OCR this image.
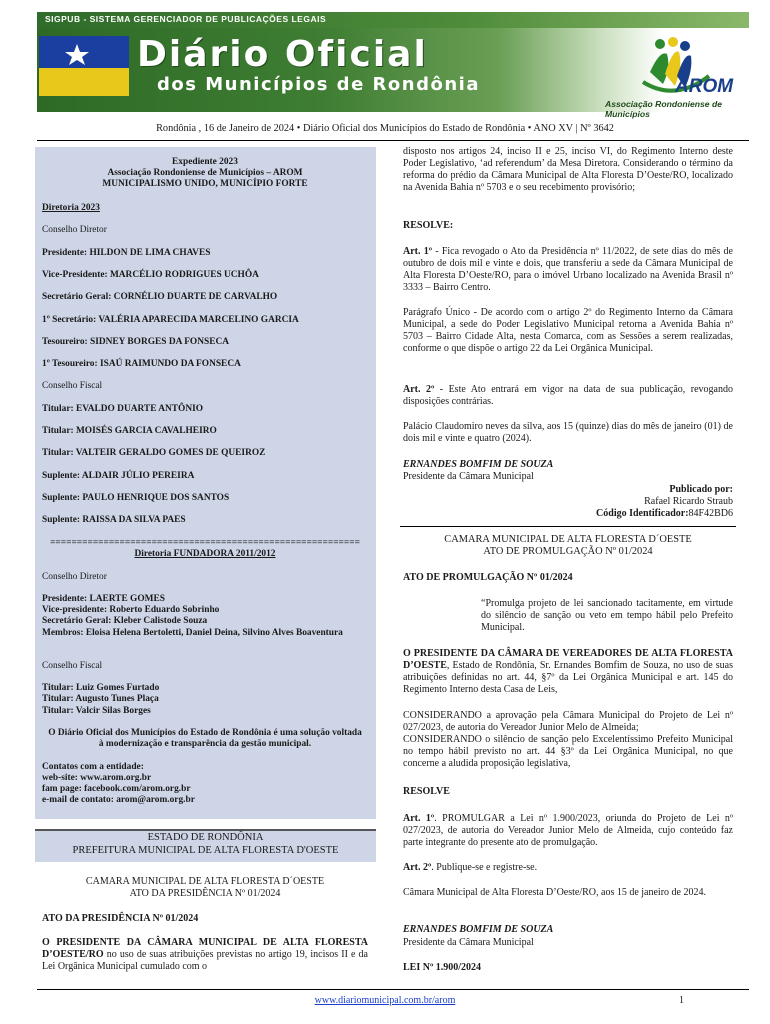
SIGPUB - SISTEMA GERENCIADOR DE PUBLICAÇÕES LEGAIS
Diário Oficial
dos Municípios de Rondônia	AROM
Associação Rondoniense de Municípios
Rondônia , 16 de Janeiro de 2024 • Diário Oficial dos Municípios do Estado de Rondônia • ANO XV | Nº 3642
Expediente 2023
Associação Rondoniense de Municípios – AROM
MUNICIPALISMO UNIDO, MUNICÍPIO FORTE
Diretoria 2023
Conselho Diretor
Presidente: HILDON DE LIMA CHAVES
Vice-Presidente: MARCÉLIO RODRIGUES UCHÔA
Secretário Geral: CORNÉLIO DUARTE DE CARVALHO
1º Secretário: VALÉRIA APARECIDA MARCELINO GARCIA
Tesoureiro: SIDNEY BORGES DA FONSECA
1º Tesoureiro: ISAÚ RAIMUNDO DA FONSECA
Conselho Fiscal
Titular: EVALDO DUARTE ANTÔNIO
Titular: MOISÉS GARCIA CAVALHEIRO
Titular: VALTEIR GERALDO GOMES DE QUEIROZ
Suplente: ALDAIR JÚLIO PEREIRA
Suplente: PAULO HENRIQUE DOS SANTOS
Suplente: RAISSA DA SILVA PAES
==========================================================
Diretoria FUNDADORA 2011/2012
Conselho Diretor
Presidente: LAERTE GOMES
Vice-presidente: Roberto Eduardo Sobrinho
Secretário Geral: Kleber Calistode Souza
Membros: Eloisa Helena Bertoletti, Daniel Deina, Silvino Alves Boaventura
Conselho Fiscal
Titular: Luiz Gomes Furtado
Titular: Augusto Tunes Plaça
Titular: Valcir Silas Borges
O Diário Oficial dos Municípios do Estado de Rondônia é uma solução voltada à modernização e transparência da gestão municipal.
Contatos com a entidade:
web-site: www.arom.org.br
fam page: facebook.com/arom.org.br
e-mail de contato: arom@arom.org.br
ESTADO DE RONDÔNIA
PREFEITURA MUNICIPAL DE ALTA FLORESTA D'OESTE
CAMARA MUNICIPAL DE ALTA FLORESTA D´OESTE
ATO DA PRESIDÊNCIA Nº 01/2024
ATO DA PRESIDÊNCIA Nº 01/2024
O PRESIDENTE DA CÂMARA MUNICIPAL DE ALTA FLORESTA D’OESTE/RO no uso de suas atribuições previstas no artigo 19, incisos II e da Lei Orgânica Municipal cumulado com o
disposto nos artigos 24, inciso II e 25, inciso VI, do Regimento Interno deste Poder Legislativo, ‘ad referendum’ da Mesa Diretora. Considerando o término da reforma do prédio da Câmara Municipal de Alta Floresta D’Oeste/RO, localizado na Avenida Bahia nº 5703 e o seu recebimento provisório;
RESOLVE:
Art. 1º - Fica revogado o Ato da Presidência nº 11/2022, de sete dias do mês de outubro de dois mil e vinte e dois, que transferiu a sede da Câmara Municipal de Alta Floresta D’Oeste/RO, para o imóvel Urbano localizado na Avenida Brasil nº 3333 – Bairro Centro.
Parágrafo Único - De acordo com o artigo 2º do Regimento Interno da Câmara Municipal, a sede do Poder Legislativo Municipal retorna a Avenida Bahia nº 5703 – Bairro Cidade Alta, nesta Comarca, com as Sessões a serem realizadas, conforme o que dispõe o artigo 22 da Lei Orgânica Municipal.
Art. 2º - Este Ato entrará em vigor na data de sua publicação, revogando disposições contrárias.
Palácio Claudomiro neves da silva, aos 15 (quinze) dias do mês de janeiro (01) de dois mil e vinte e quatro (2024).
ERNANDES BOMFIM DE SOUZA
Presidente da Câmara Municipal
Publicado por:
Rafael Ricardo Straub
Código Identificador:84F42BD6
CAMARA MUNICIPAL DE ALTA FLORESTA D´OESTE
ATO DE PROMULGAÇÃO Nº 01/2024
ATO DE PROMULGAÇÃO Nº 01/2024
“Promulga projeto de lei sancionado tacitamente, em virtude do silêncio de sanção ou veto em tempo hábil pelo Prefeito Municipal.
O PRESIDENTE DA CÂMARA DE VEREADORES DE ALTA FLORESTA D’OESTE, Estado de Rondônia, Sr. Ernandes Bomfim de Souza, no uso de suas atribuições definidas no art. 44, §7º da Lei Orgânica Municipal e art. 145 do Regimento Interno desta Casa de Leis,
CONSIDERANDO a aprovação pela Câmara Municipal do Projeto de Lei nº 027/2023, de autoria do Vereador Junior Melo de Almeida;
CONSIDERANDO o silêncio de sanção pelo Excelentíssimo Prefeito Municipal no tempo hábil previsto no art. 44 §3º da Lei Orgânica Municipal, no que concerne a aludida proposição legislativa,
RESOLVE
Art. 1º. PROMULGAR a Lei nº 1.900/2023, oriunda do Projeto de Lei nº 027/2023, de autoria do Vereador Junior Melo de Almeida, cujo conteúdo faz parte integrante do presente ato de promulgação.
Art. 2º. Publique-se e registre-se.
Câmara Municipal de Alta Floresta D’Oeste/RO, aos 15 de janeiro de 2024.
ERNANDES BOMFIM DE SOUZA
Presidente da Câmara Municipal
LEI Nº 1.900/2024
www.diariomunicipal.com.br/arom	1
